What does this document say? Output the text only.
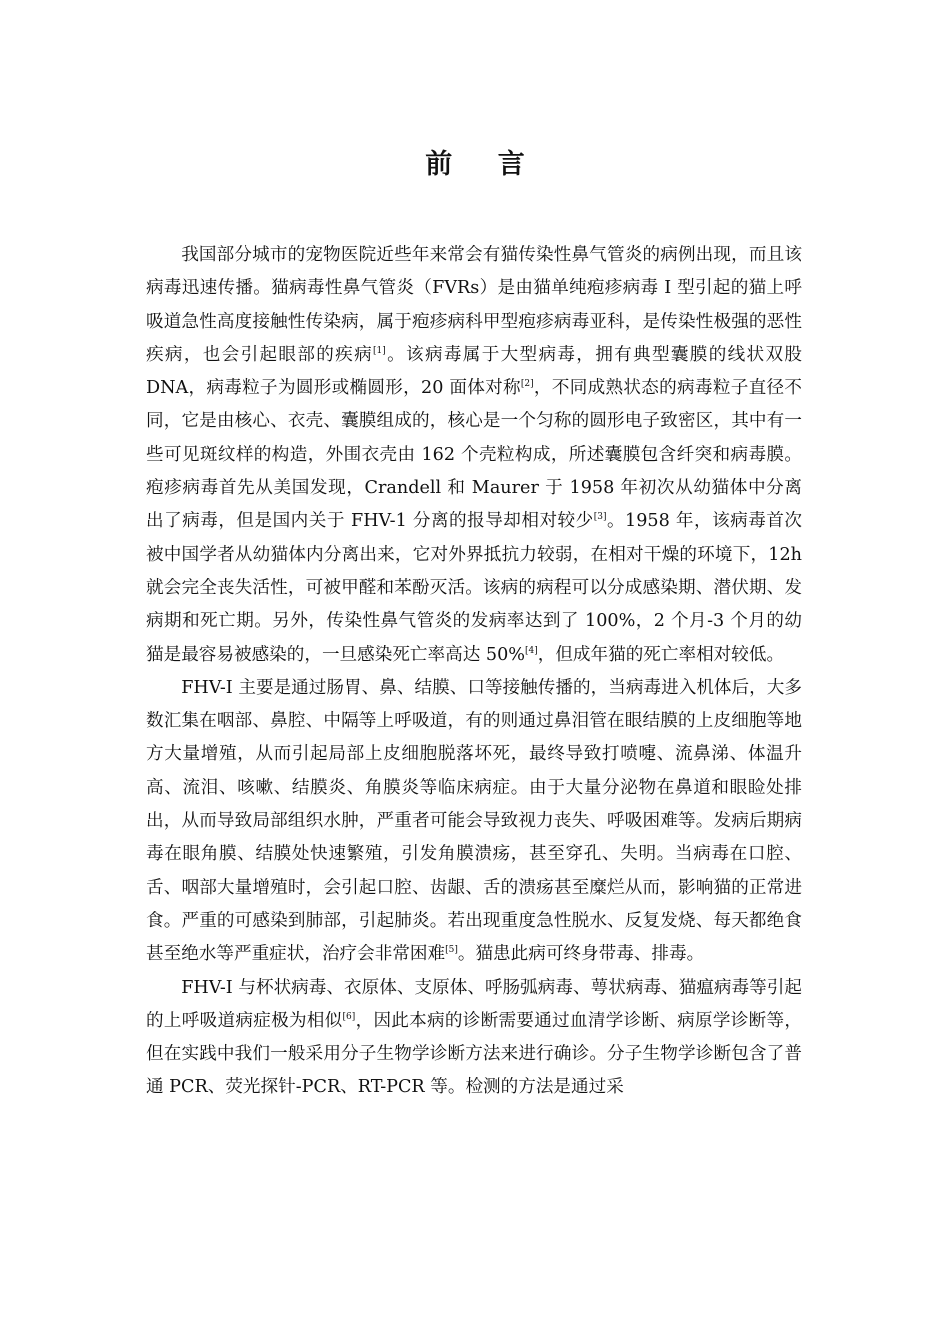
前 言

我国部分城市的宠物医院近些年来常会有猫传染性鼻气管炎的病例出现，而且该病毒迅速传播。猫病毒性鼻气管炎（FVRs）是由猫单纯疱疹病毒 I 型引起的猫上呼吸道急性高度接触性传染病，属于疱疹病科甲型疱疹病毒亚科，是传染性极强的恶性疾病，也会引起眼部的疾病[1]。该病毒属于大型病毒，拥有典型囊膜的线状双股 DNA，病毒粒子为圆形或椭圆形，20 面体对称[2]，不同成熟状态的病毒粒子直径不同，它是由核心、衣壳、囊膜组成的，核心是一个匀称的圆形电子致密区，其中有一些可见斑纹样的构造，外围衣壳由 162 个壳粒构成，所述囊膜包含纤突和病毒膜。疱疹病毒首先从美国发现，Crandell 和 Maurer 于 1958 年初次从幼猫体中分离出了病毒，但是国内关于 FHV-1 分离的报导却相对较少[3]。1958 年，该病毒首次被中国学者从幼猫体内分离出来，它对外界抵抗力较弱，在相对干燥的环境下，12h 就会完全丧失活性，可被甲醛和苯酚灭活。该病的病程可以分成感染期、潜伏期、发病期和死亡期。另外，传染性鼻气管炎的发病率达到了 100%，2 个月-3 个月的幼猫是最容易被感染的，一旦感染死亡率高达 50%[4]，但成年猫的死亡率相对较低。

FHV-I 主要是通过肠胃、鼻、结膜、口等接触传播的，当病毒进入机体后，大多数汇集在咽部、鼻腔、中隔等上呼吸道，有的则通过鼻泪管在眼结膜的上皮细胞等地方大量增殖，从而引起局部上皮细胞脱落坏死，最终导致打喷嚏、流鼻涕、体温升高、流泪、咳嗽、结膜炎、角膜炎等临床病症。由于大量分泌物在鼻道和眼睑处排出，从而导致局部组织水肿，严重者可能会导致视力丧失、呼吸困难等。发病后期病毒在眼角膜、结膜处快速繁殖，引发角膜溃疡，甚至穿孔、失明。当病毒在口腔、舌、咽部大量增殖时，会引起口腔、齿龈、舌的溃疡甚至糜烂从而，影响猫的正常进食。严重的可感染到肺部，引起肺炎。若出现重度急性脱水、反复发烧、每天都绝食甚至绝水等严重症状，治疗会非常困难[5]。猫患此病可终身带毒、排毒。

FHV-I 与杯状病毒、衣原体、支原体、呼肠弧病毒、萼状病毒、猫瘟病毒等引起的上呼吸道病症极为相似[6]，因此本病的诊断需要通过血清学诊断、病原学诊断等，但在实践中我们一般采用分子生物学诊断方法来进行确诊。分子生物学诊断包含了普通 PCR、荧光探针-PCR、RT-PCR 等。检测的方法是通过采
